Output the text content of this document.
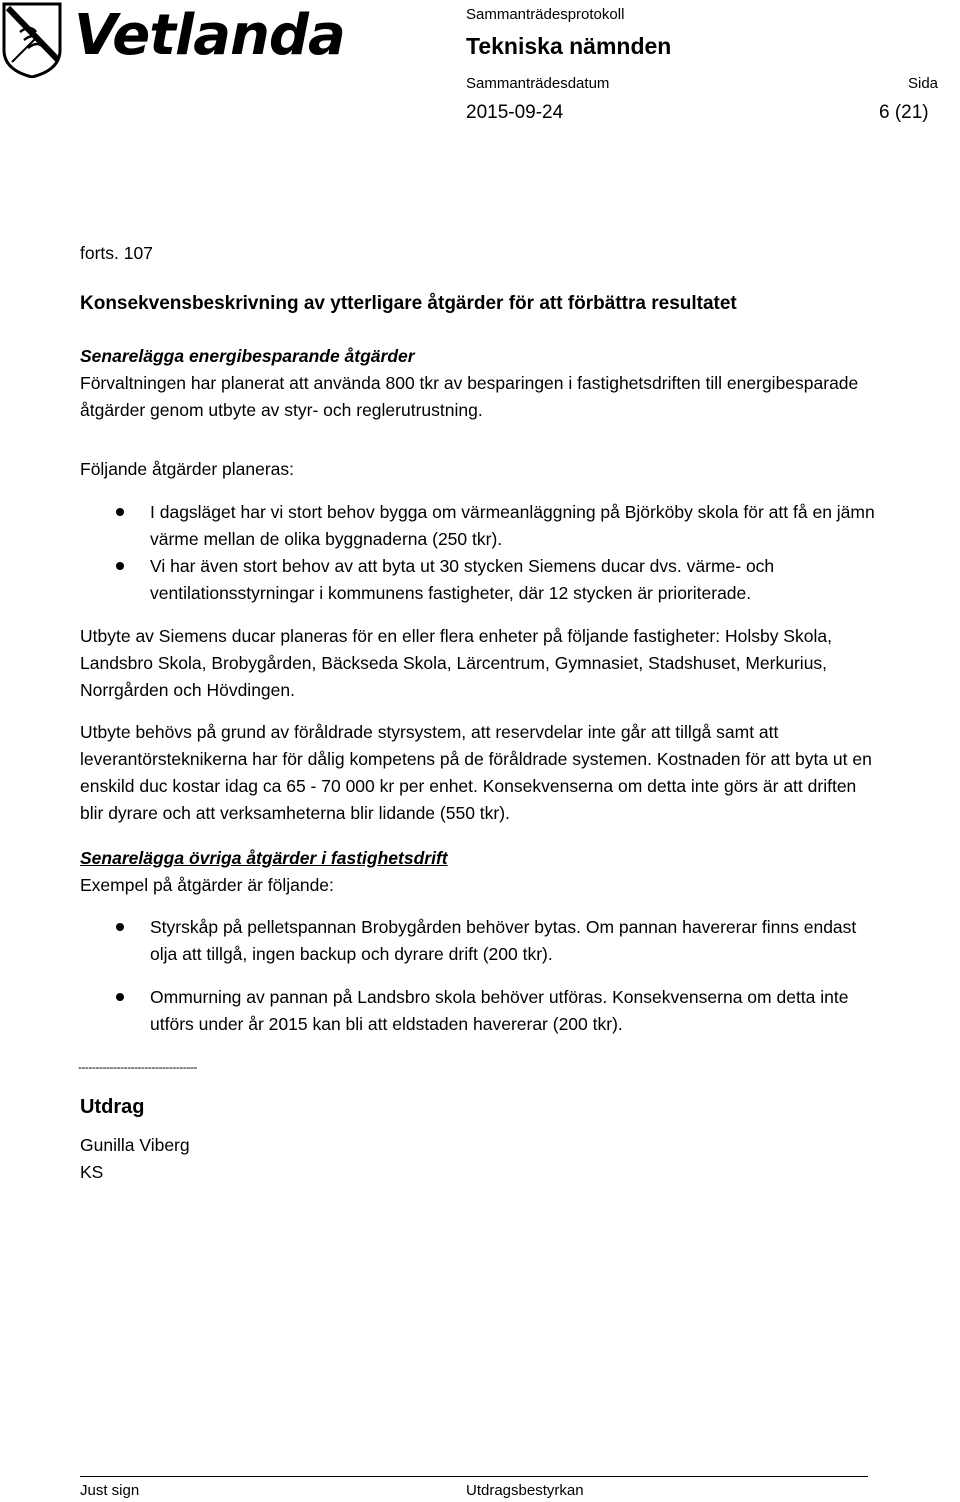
Vetlanda	Sammanträdesprotokoll
Tekniska nämnden
Sammanträdesdatum	Sida
2015-09-24	6 (21)
forts. 107
Konsekvensbeskrivning av ytterligare åtgärder för att förbättra resultatet
Senarelägga energibesparande åtgärder
Förvaltningen har planerat att använda 800 tkr av besparingen i fastighetsdriften till energibesparade åtgärder genom utbyte av styr- och reglerutrustning.
Följande åtgärder planeras:
I dagsläget har vi stort behov bygga om värmeanläggning på Björköby skola för att få en jämn värme mellan de olika byggnaderna (250 tkr).
Vi har även stort behov av att byta ut 30 stycken Siemens ducar dvs. värme- och ventilationsstyrningar i kommunens fastigheter, där 12 stycken är prioriterade.
Utbyte av Siemens ducar planeras för en eller flera enheter på följande fastigheter: Holsby Skola, Landsbro Skola, Brobygården, Bäckseda Skola, Lärcentrum, Gymnasiet, Stadshuset, Merkurius, Norrgården och Hövdingen.
Utbyte behövs på grund av föråldrade styrsystem, att reservdelar inte går att tillgå samt att leverantörsteknikerna har för dålig kompetens på de föråldrade systemen. Kostnaden för att byta ut en enskild duc kostar idag ca 65 - 70 000 kr per enhet. Konsekvenserna om detta inte görs är att driften blir dyrare och att verksamheterna blir lidande (550 tkr).
Senarelägga övriga åtgärder i fastighetsdrift
Exempel på åtgärder är följande:
Styrskåp på pelletspannan Brobygården behöver bytas. Om pannan havererar finns endast olja att tillgå, ingen backup och dyrare drift (200 tkr).
Ommurning av pannan på Landsbro skola behöver utföras. Konsekvenserna om detta inte utförs under år 2015 kan bli att eldstaden havererar (200 tkr).
----------------------------------
Utdrag
Gunilla Viberg
KS
Just sign	Utdragsbestyrkan
